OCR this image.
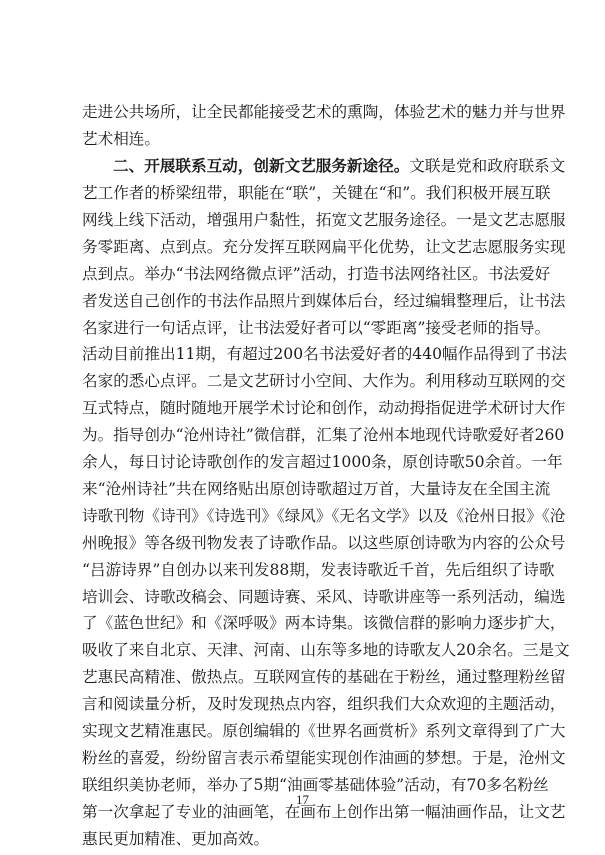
走进公共场所，让全民都能接受艺术的熏陶，体验艺术的魅力并与世界
艺术相连。
二、开展联系互动，创新文艺服务新途径。文联是党和政府联系文
艺工作者的桥梁纽带，职能在“联”，关键在“和”。我们积极开展互联
网线上线下活动，增强用户黏性，拓宽文艺服务途径。一是文艺志愿服
务零距离、点到点。充分发挥互联网扁平化优势，让文艺志愿服务实现
点到点。举办“书法网络微点评”活动，打造书法网络社区。书法爱好
者发送自己创作的书法作品照片到媒体后台，经过编辑整理后，让书法
名家进行一句话点评，让书法爱好者可以“零距离”接受老师的指导。
活动目前推出11期，有超过200名书法爱好者的440幅作品得到了书法
名家的悉心点评。二是文艺研讨小空间、大作为。利用移动互联网的交
互式特点，随时随地开展学术讨论和创作，动动拇指促进学术研讨大作
为。指导创办“沧州诗社”微信群，汇集了沧州本地现代诗歌爱好者260
余人，每日讨论诗歌创作的发言超过1000条，原创诗歌50余首。一年
来“沧州诗社”共在网络贴出原创诗歌超过万首，大量诗友在全国主流
诗歌刊物《诗刊》《诗选刊》《绿风》《无名文学》以及《沧州日报》《沧
州晚报》等各级刊物发表了诗歌作品。以这些原创诗歌为内容的公众号
“吕游诗界”自创办以来刊发88期，发表诗歌近千首，先后组织了诗歌
培训会、诗歌改稿会、同题诗赛、采风、诗歌讲座等一系列活动，编选
了《蓝色世纪》和《深呼吸》两本诗集。该微信群的影响力逐步扩大，
吸收了来自北京、天津、河南、山东等多地的诗歌友人20余名。三是文
艺惠民高精准、傲热点。互联网宣传的基础在于粉丝，通过整理粉丝留
言和阅读量分析，及时发现热点内容，组织我们大众欢迎的主题活动，
实现文艺精准惠民。原创编辑的《世界名画赏析》系列文章得到了广大
粉丝的喜爱，纷纷留言表示希望能实现创作油画的梦想。于是，沧州文
联组织美协老师，举办了5期“油画零基础体验”活动，有70多名粉丝
第一次拿起了专业的油画笔，在画布上创作出第一幅油画作品，让文艺
惠民更加精准、更加高效。
17
